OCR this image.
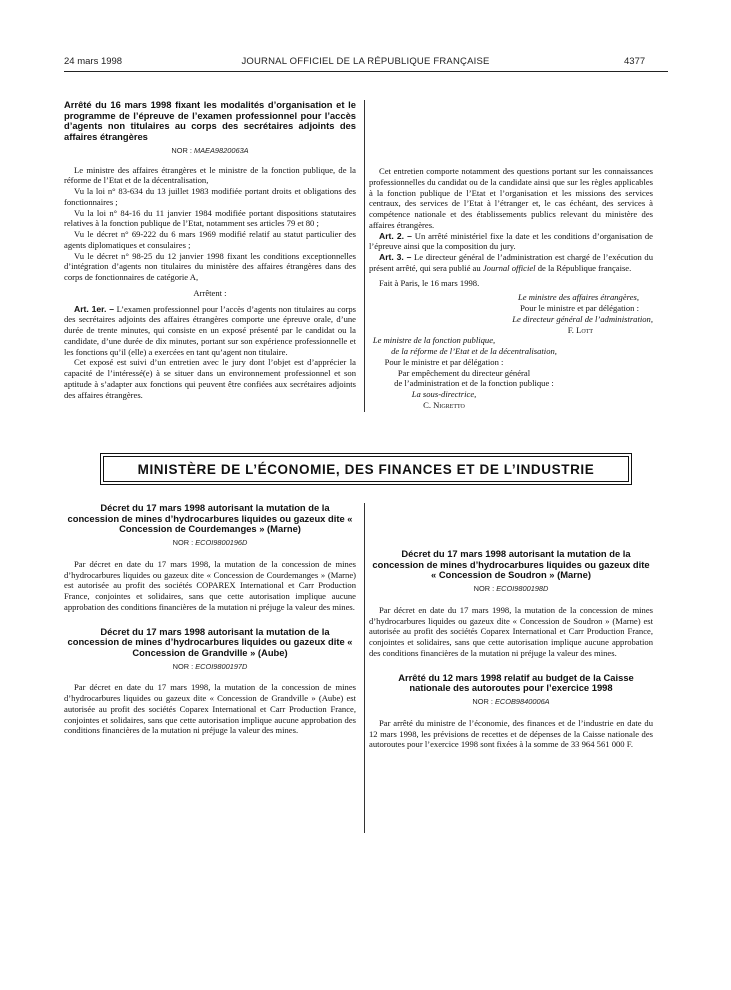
24 mars 1998	JOURNAL OFFICIEL DE LA RÉPUBLIQUE FRANÇAISE	4377

Arrêté du 16 mars 1998 fixant les modalités d’organisation et le programme de l’épreuve de l’examen professionnel pour l’accès d’agents non titulaires au corps des secrétaires adjoints des affaires étrangères

NOR : MAEA9820063A

Le ministre des affaires étrangères et le ministre de la fonction publique, de la réforme de l’Etat et de la décentralisation,

Vu la loi n° 83-634 du 13 juillet 1983 modifiée portant droits et obligations des fonctionnaires ;

Vu la loi n° 84-16 du 11 janvier 1984 modifiée portant dispositions statutaires relatives à la fonction publique de l’Etat, notamment ses articles 79 et 80 ;

Vu le décret n° 69-222 du 6 mars 1969 modifié relatif au statut particulier des agents diplomatiques et consulaires ;

Vu le décret n° 98-25 du 12 janvier 1998 fixant les conditions exceptionnelles d’intégration d’agents non titulaires du ministère des affaires étrangères dans des corps de fonctionnaires de catégorie A,

Arrêtent :

Art. 1er. – L’examen professionnel pour l’accès d’agents non titulaires au corps des secrétaires adjoints des affaires étrangères comporte une épreuve orale, d’une durée de trente minutes, qui consiste en un exposé présenté par le candidat ou la candidate, d’une durée de dix minutes, portant sur son expérience professionnelle et les fonctions qu’il (elle) a exercées en tant qu’agent non titulaire.

Cet exposé est suivi d’un entretien avec le jury dont l’objet est d’apprécier la capacité de l’intéressé(e) à se situer dans un environnement professionnel et son aptitude à s’adapter aux fonctions qui peuvent être confiées aux secrétaires adjoints des affaires étrangères.

Cet entretien comporte notamment des questions portant sur les connaissances professionnelles du candidat ou de la candidate ainsi que sur les règles applicables à la fonction publique de l’Etat et l’organisation et les missions des services centraux, des services de l’Etat à l’étranger et, le cas échéant, des services à compétence nationale et des établissements publics relevant du ministère des affaires étrangères.

Art. 2. – Un arrêté ministériel fixe la date et les conditions d’organisation de l’épreuve ainsi que la composition du jury.

Art. 3. – Le directeur général de l’administration est chargé de l’exécution du présent arrêté, qui sera publié au Journal officiel de la République française.

Fait à Paris, le 16 mars 1998.

Le ministre des affaires étrangères,

Pour le ministre et par délégation :

Le directeur général de l’administration,

F. Lott

Le ministre de la fonction publique,

de la réforme de l’Etat et de la décentralisation,

Pour le ministre et par délégation :

Par empêchement du directeur général

de l’administration et de la fonction publique :

La sous-directrice,

C. Nigretto

MINISTÈRE DE L’ÉCONOMIE, DES FINANCES ET DE L’INDUSTRIE

Décret du 17 mars 1998 autorisant la mutation de la concession de mines d’hydrocarbures liquides ou gazeux dite « Concession de Courdemanges » (Marne)

NOR : ECOI9800196D

Par décret en date du 17 mars 1998, la mutation de la concession de mines d’hydrocarbures liquides ou gazeux dite « Concession de Courdemanges » (Marne) est autorisée au profit des sociétés COPAREX International et Carr Production France, conjointes et solidaires, sans que cette autorisation implique aucune approbation des conditions financières de la mutation ni préjuge la valeur des mines.

Décret du 17 mars 1998 autorisant la mutation de la concession de mines d’hydrocarbures liquides ou gazeux dite « Concession de Grandville » (Aube)

NOR : ECOI9800197D

Par décret en date du 17 mars 1998, la mutation de la concession de mines d’hydrocarbures liquides ou gazeux dite « Concession de Grandville » (Aube) est autorisée au profit des sociétés Coparex International et Carr Production France, conjointes et solidaires, sans que cette autorisation implique aucune approbation des conditions financières de la mutation ni préjuge la valeur des mines.

Décret du 17 mars 1998 autorisant la mutation de la concession de mines d’hydrocarbures liquides ou gazeux dite « Concession de Soudron » (Marne)

NOR : ECOI9800198D

Par décret en date du 17 mars 1998, la mutation de la concession de mines d’hydrocarbures liquides ou gazeux dite « Concession de Soudron » (Marne) est autorisée au profit des sociétés Coparex International et Carr Production France, conjointes et solidaires, sans que cette autorisation implique aucune approbation des conditions financières de la mutation ni préjuge la valeur des mines.

Arrêté du 12 mars 1998 relatif au budget de la Caisse nationale des autoroutes pour l’exercice 1998

NOR : ECOB9840006A

Par arrêté du ministre de l’économie, des finances et de l’industrie en date du 12 mars 1998, les prévisions de recettes et de dépenses de la Caisse nationale des autoroutes pour l’exercice 1998 sont fixées à la somme de 33 964 561 000 F.
